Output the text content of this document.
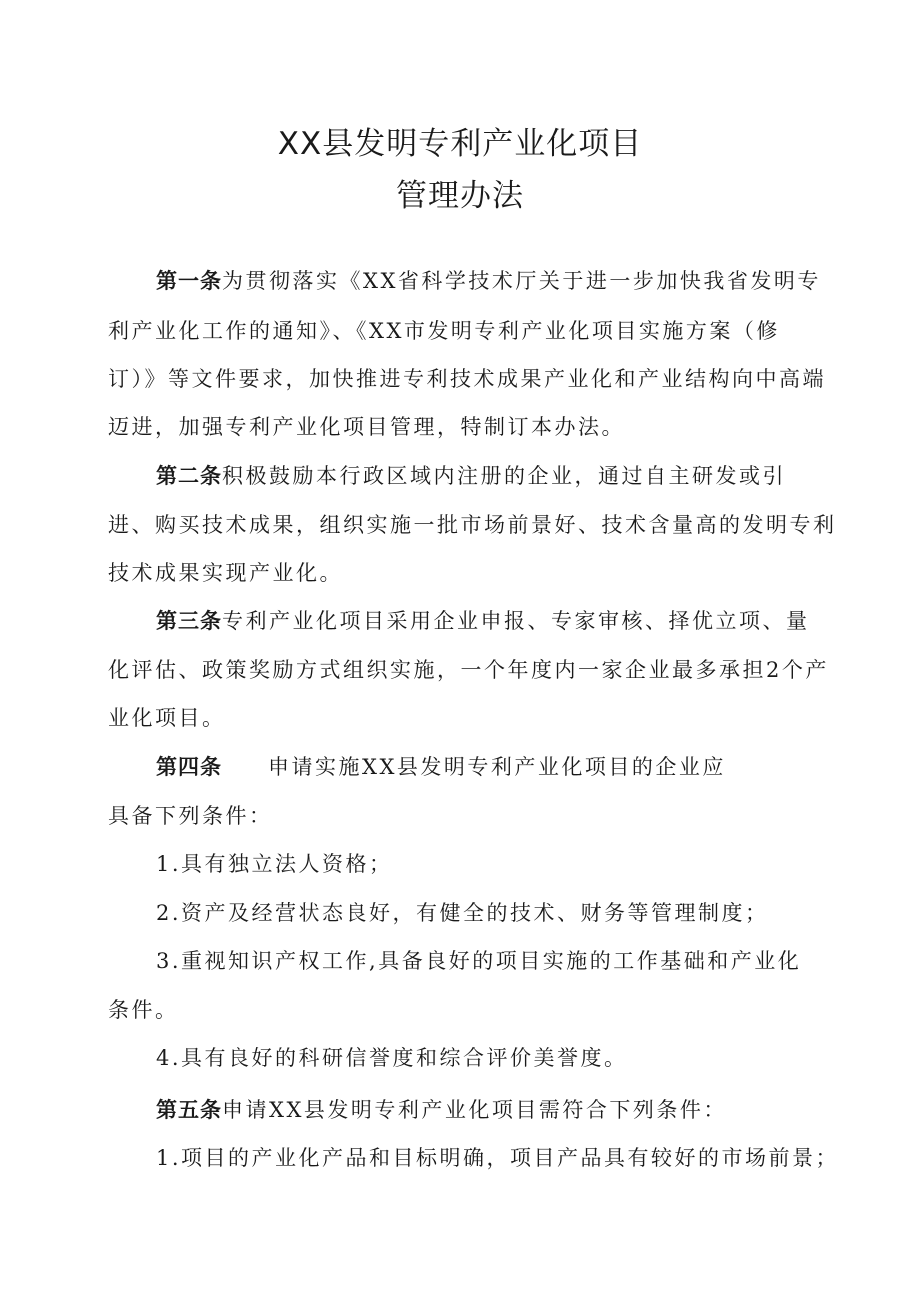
XX县发明专利产业化项目
管理办法
第一条为贯彻落实《XX省科学技术厅关于进一步加快我省发明专
利产业化工作的通知》、《XX市发明专利产业化项目实施方案（修
订）》等文件要求，加快推进专利技术成果产业化和产业结构向中高端
迈进，加强专利产业化项目管理，特制订本办法。
第二条积极鼓励本行政区域内注册的企业，通过自主研发或引
进、购买技术成果，组织实施一批市场前景好、技术含量高的发明专利
技术成果实现产业化。
第三条专利产业化项目采用企业申报、专家审核、择优立项、量
化评估、政策奖励方式组织实施，一个年度内一家企业最多承担2个产
业化项目。
第四条 申请实施XX县发明专利产业化项目的企业应
具备下列条件：
1.具有独立法人资格；
2.资产及经营状态良好，有健全的技术、财务等管理制度；
3.重视知识产权工作,具备良好的项目实施的工作基础和产业化
条件。
4.具有良好的科研信誉度和综合评价美誉度。
第五条申请XX县发明专利产业化项目需符合下列条件：
1.项目的产业化产品和目标明确，项目产品具有较好的市场前景；
